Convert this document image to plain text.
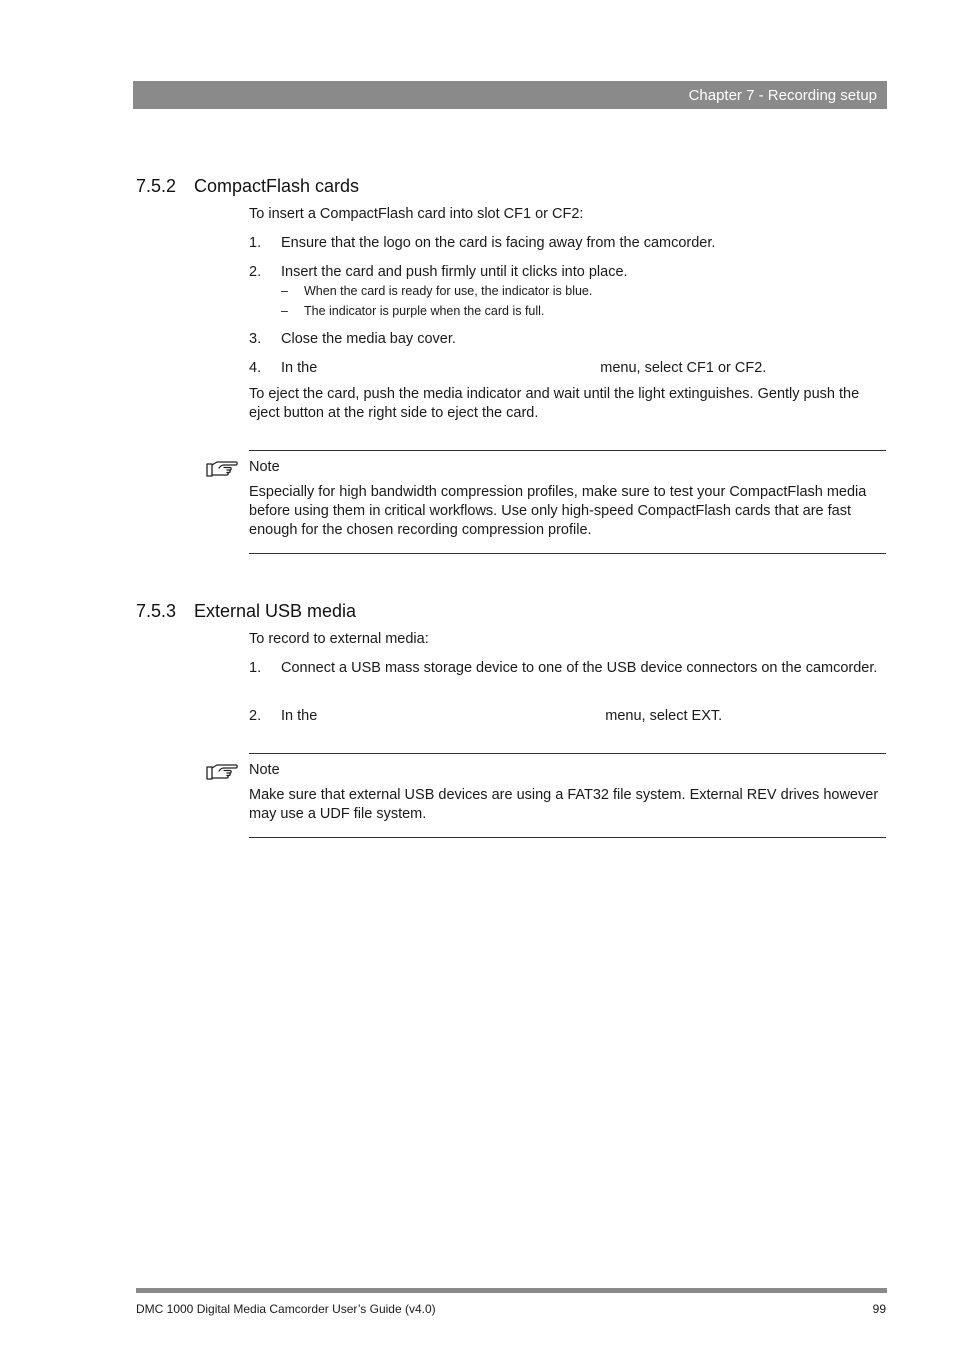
Chapter 7 - Recording setup
7.5.2 CompactFlash cards

To insert a CompactFlash card into slot CF1 or CF2:

1.	Ensure that the logo on the card is facing away from the camcorder.
2.	Insert the card and push firmly until it clicks into place.
– When the card is ready for use, the indicator is blue.
– The indicator is purple when the card is full.
3.	Close the media bay cover.
4.	In the	menu, select CF1 or CF2.

To eject the card, push the media indicator and wait until the light extinguishes. Gently push the eject button at the right side to eject the card.

Note

Especially for high bandwidth compression profiles, make sure to test your CompactFlash media before using them in critical workflows. Use only high-speed CompactFlash cards that are fast enough for the chosen recording compression profile.

7.5.3 External USB media

To record to external media:

1.	Connect a USB mass storage device to one of the USB device connectors on the camcorder.
2.	In the	menu, select EXT.
Note

Make sure that external USB devices are using a FAT32 file system. External REV drives however may use a UDF file system.

DMC 1000 Digital Media Camcorder User’s Guide (v4.0)	99
